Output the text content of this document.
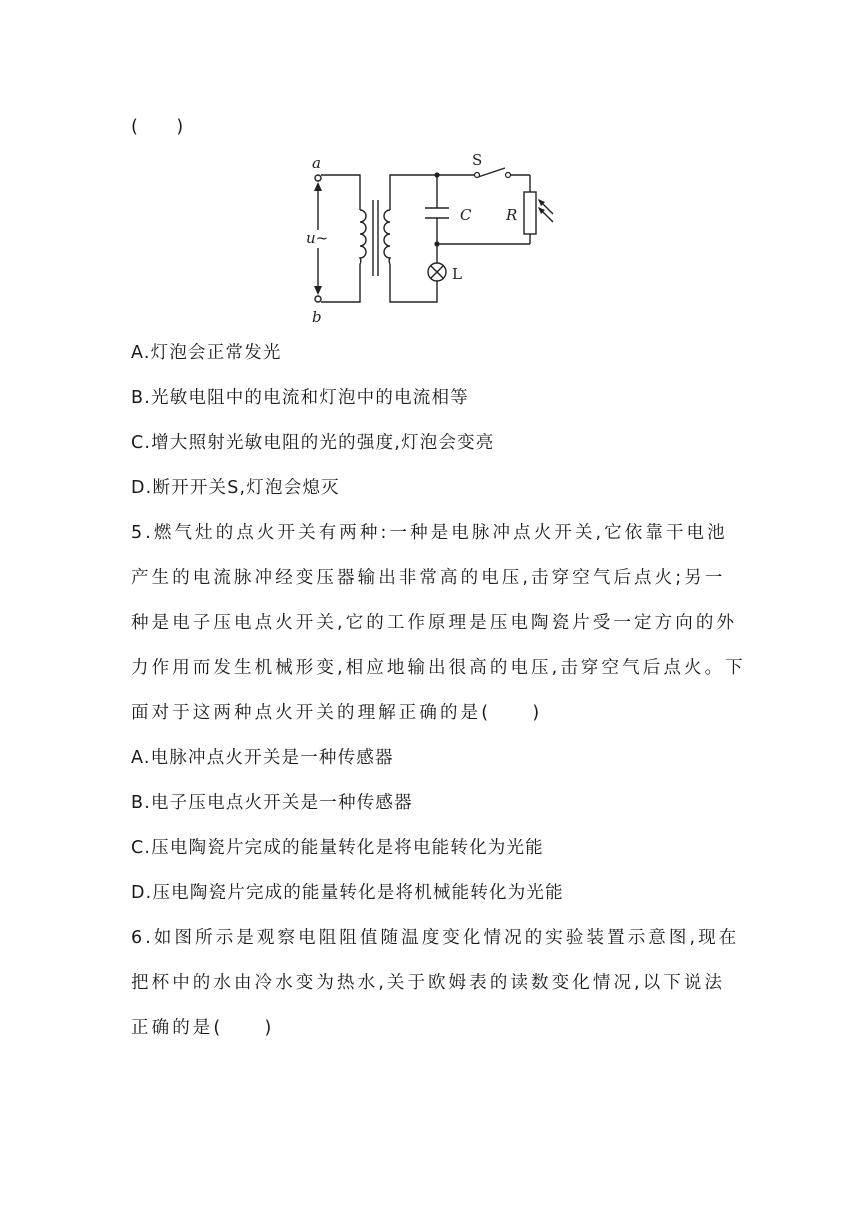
(　　)
a
b
u~
S
C R
L
A.灯泡会正常发光
B.光敏电阻中的电流和灯泡中的电流相等
C.增大照射光敏电阻的光的强度,灯泡会变亮
D.断开开关S,灯泡会熄灭
5.燃气灶的点火开关有两种:一种是电脉冲点火开关,它依靠干电池
产生的电流脉冲经变压器输出非常高的电压,击穿空气后点火;另一
种是电子压电点火开关,它的工作原理是压电陶瓷片受一定方向的外
力作用而发生机械形变,相应地输出很高的电压,击穿空气后点火。下
面对于这两种点火开关的理解正确的是(　　)
A.电脉冲点火开关是一种传感器
B.电子压电点火开关是一种传感器
C.压电陶瓷片完成的能量转化是将电能转化为光能
D.压电陶瓷片完成的能量转化是将机械能转化为光能
6.如图所示是观察电阻阻值随温度变化情况的实验装置示意图,现在
把杯中的水由冷水变为热水,关于欧姆表的读数变化情况,以下说法
正确的是(　　)
